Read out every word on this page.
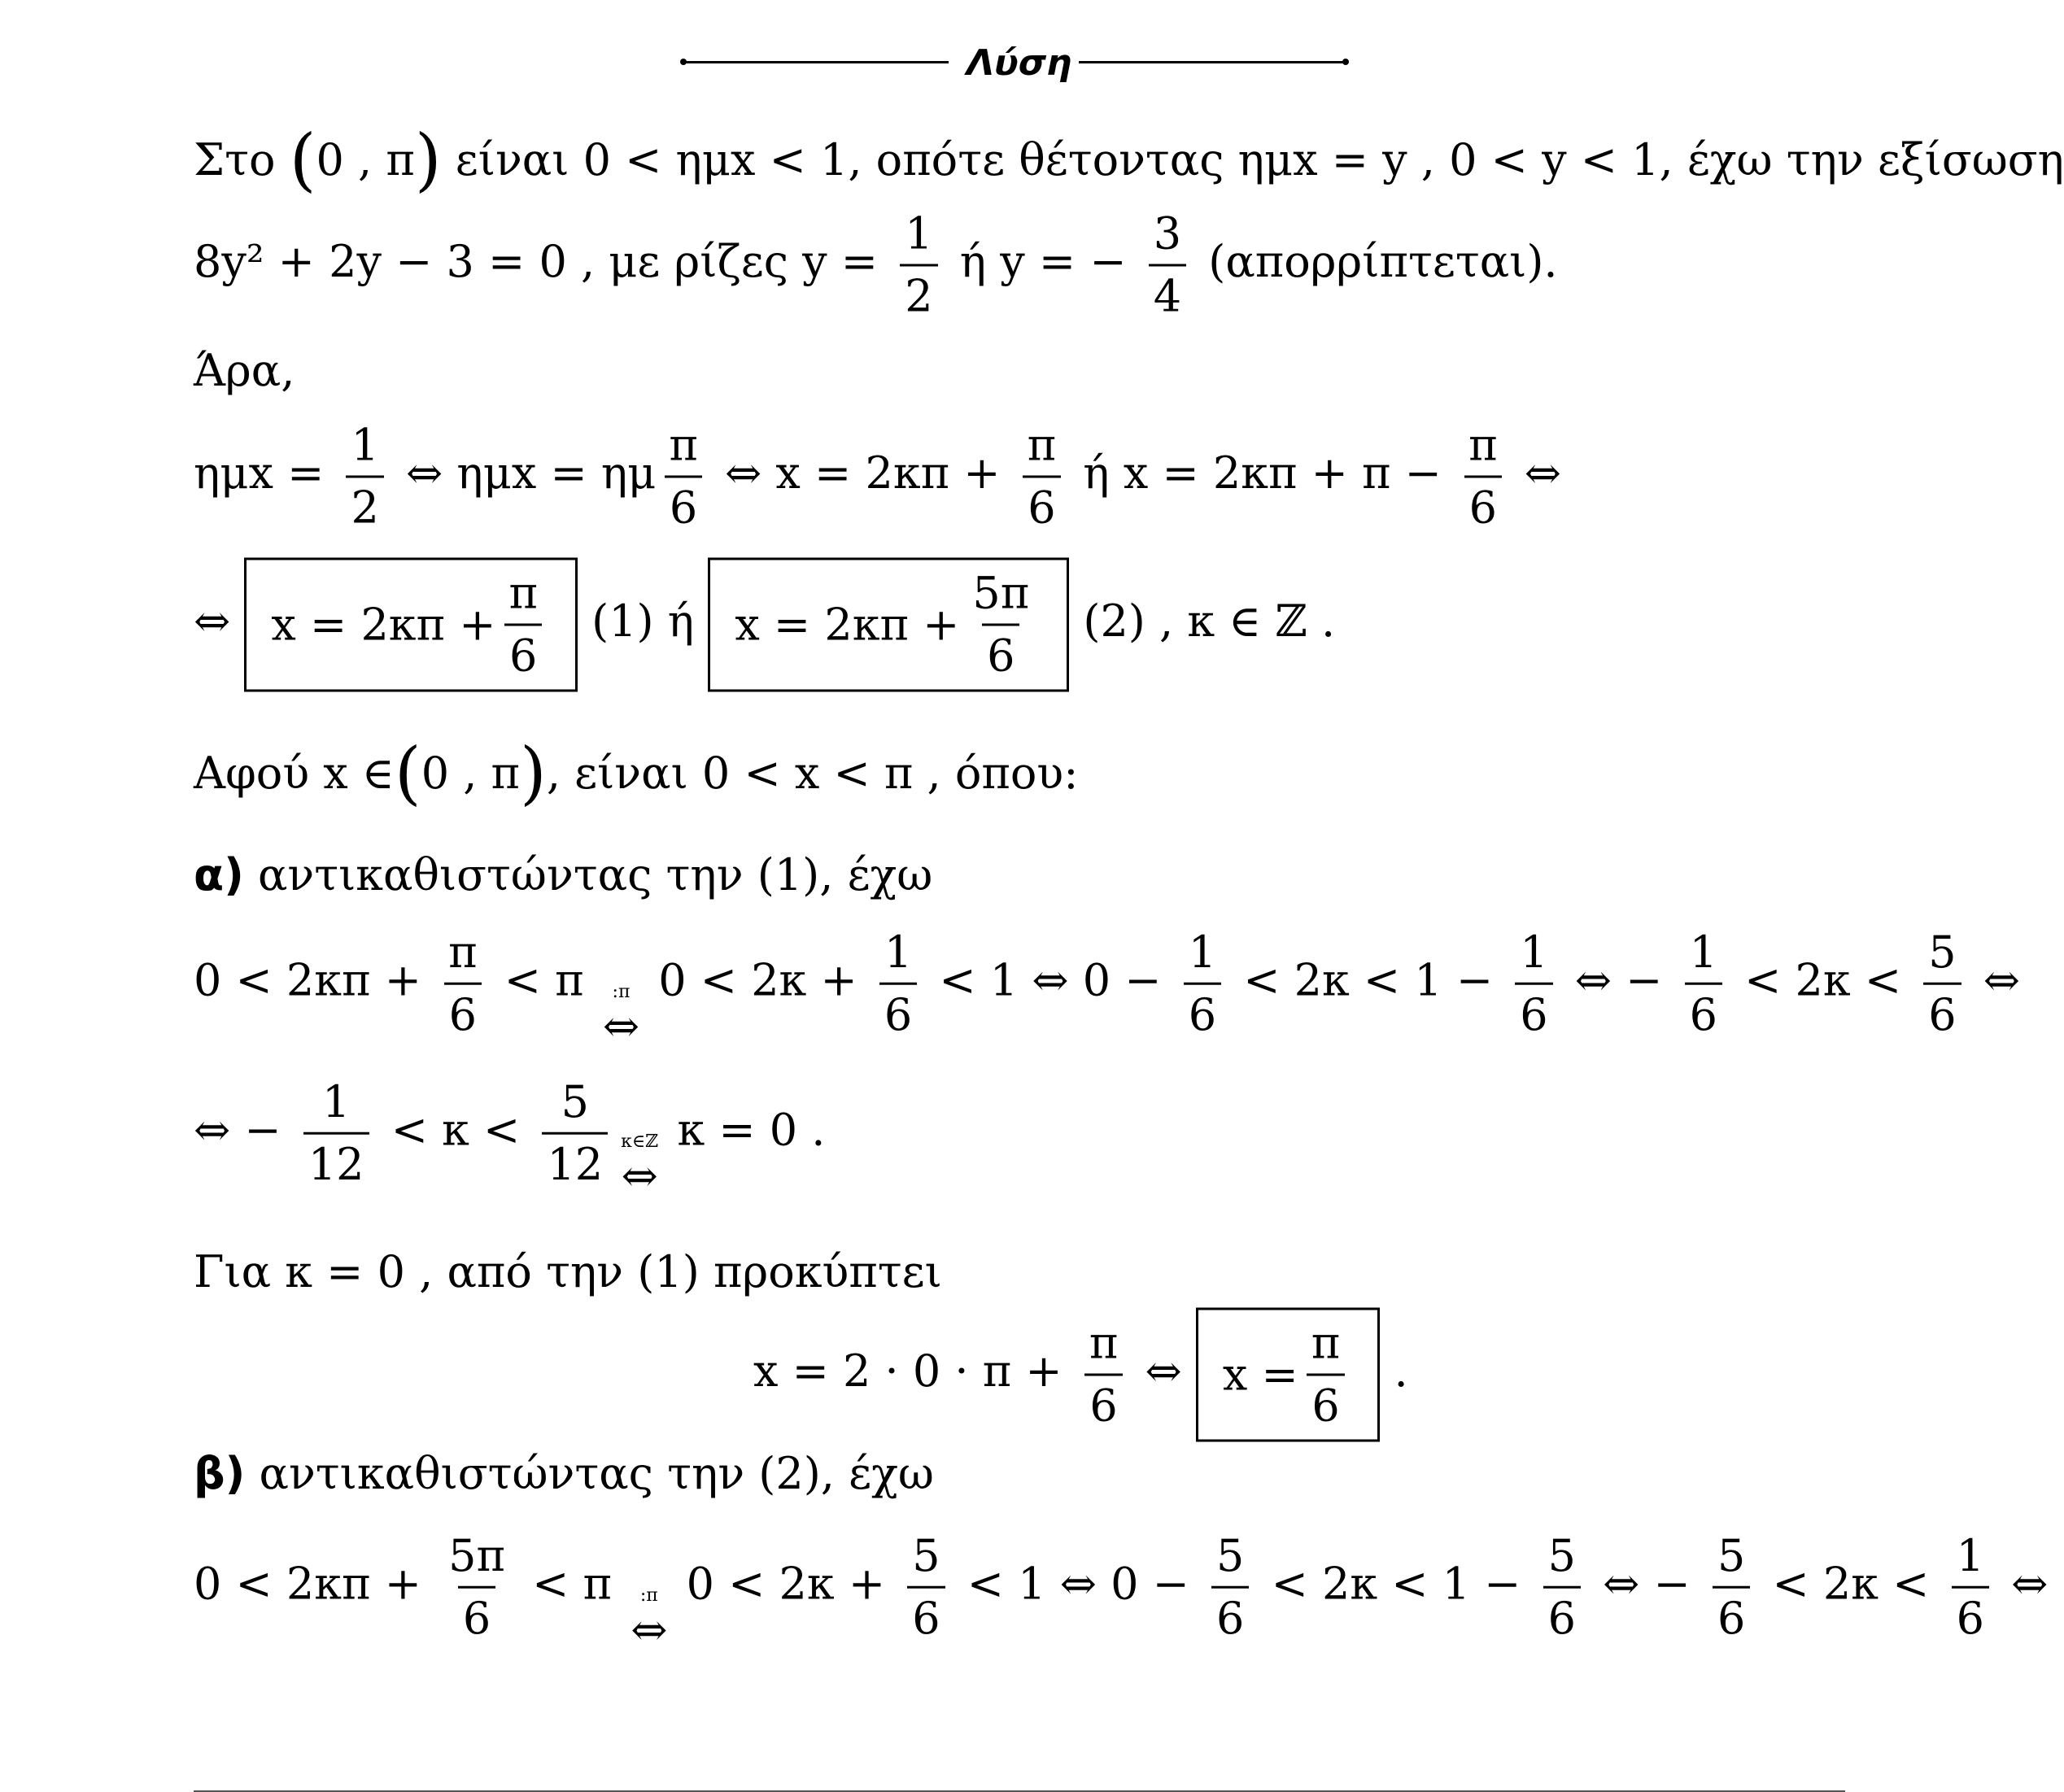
Λύση
Στο (0 , π) είναι 0 < ημx < 1, οπότε θέτοντας ημx = y , 0 < y < 1, έχω την εξίσωση
8y² + 2y − 3 = 0 , με ρίζες $y = \frac{1}{2}$ ή y = − $\frac{3}{4} (\alpha\pi o\rho\rho ί\pi\tau\varepsilon\tau\alpha\iota)$.
Άρα,
$\eta\mu x = \frac{1}{2}$ ⇔ ημx = ημ $\frac{\pi}{6}$ ⇔ $x = 2\kappa\pi + \frac{\pi}{6}$ ή $x = 2\kappa\pi + \pi - \frac{\pi}{6}$ ⇔
⇔ $x = 2\kappa\pi + \frac{\pi}{6} (1)$ ή $x = 2\kappa\pi + \frac{5\pi}{6} (2)$ , κ ∈ ℤ .
Αφού x ∈(0 , π), είναι 0 < x < π , όπου:
α) αντικαθιστώντας την (1), έχω
$0 < 2\kappa\pi + \frac{\pi}{6} < \pi$ :π
⇔
$0 < 2\kappa + \frac{1}{6} < 1$ ⇔ $0 - \frac{1}{6} < 2\kappa < 1 - \frac{1}{6}$ ⇔ − $\frac{1}{6} < 2\kappa < \frac{5}{6}$ ⇔
⇔ − $\frac{1}{12} < \kappa < \frac{5}{12}$ κ∈ℤ
⇔
κ = 0 .
Για κ = 0 , από την (1) προκύπτει
$x = 2 \cdot 0 \cdot \pi + \frac{\pi}{6}$ ⇔ $x = \frac{\pi}{6}$ .
β) αντικαθιστώντας την (2), έχω
$0 < 2\kappa\pi + \frac{5\pi}{6} < \pi$ :π
⇔
$0 < 2\kappa + \frac{5}{6} < 1$ ⇔ $0 - \frac{5}{6} < 2\kappa < 1 - \frac{5}{6}$ ⇔ − $\frac{5}{6} < 2\kappa < \frac{1}{6}$ ⇔
